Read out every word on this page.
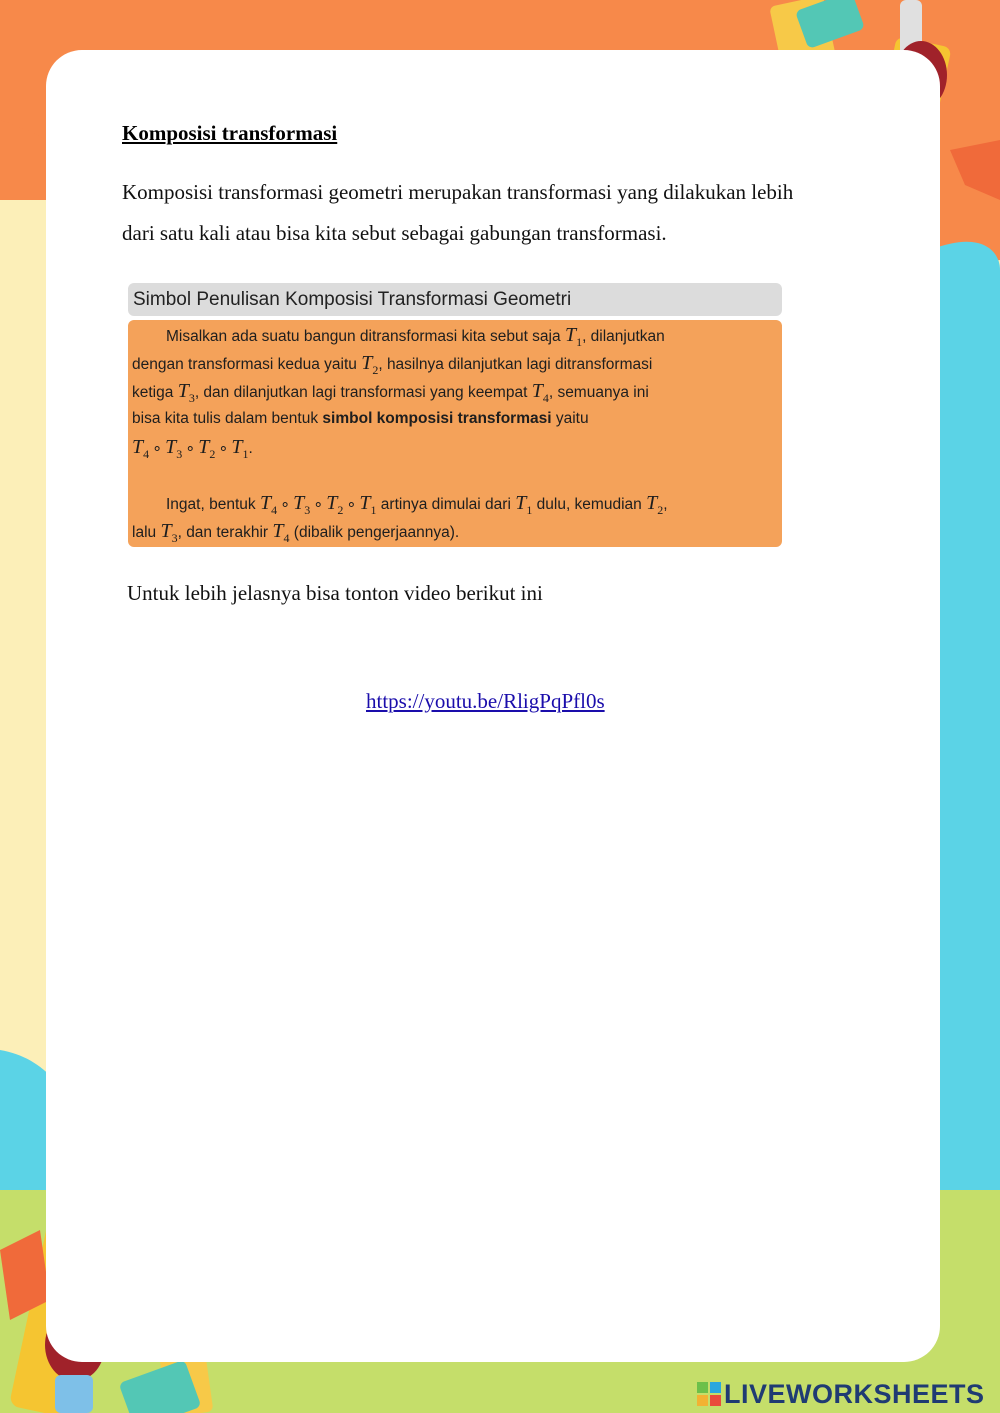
Komposisi transformasi
Komposisi transformasi geometri merupakan transformasi yang dilakukan lebih
dari satu kali atau bisa kita sebut sebagai gabungan transformasi.
Simbol Penulisan Komposisi Transformasi Geometri
Misalkan ada suatu bangun ditransformasi kita sebut saja $T_1$, dilanjutkan
dengan transformasi kedua yaitu $T_2$, hasilnya dilanjutkan lagi ditransformasi
ketiga $T_3$, dan dilanjutkan lagi transformasi yang keempat $T_4$, semuanya ini
bisa kita tulis dalam bentuk simbol komposisi transformasi yaitu
$T_4$ ∘ $T_3$ ∘ $T_2$ ∘ $T_1$.
Ingat, bentuk $T_4$ ∘ $T_3$ ∘ $T_2$ ∘ $T_1$ artinya dimulai dari $T_1$ dulu, kemudian $T_2$,
lalu $T_3$, dan terakhir $T_4$ (dibalik pengerjaannya).
Untuk lebih jelasnya bisa tonton video berikut ini
https://youtu.be/RligPqPfl0s
LIVEWORKSHEETS
